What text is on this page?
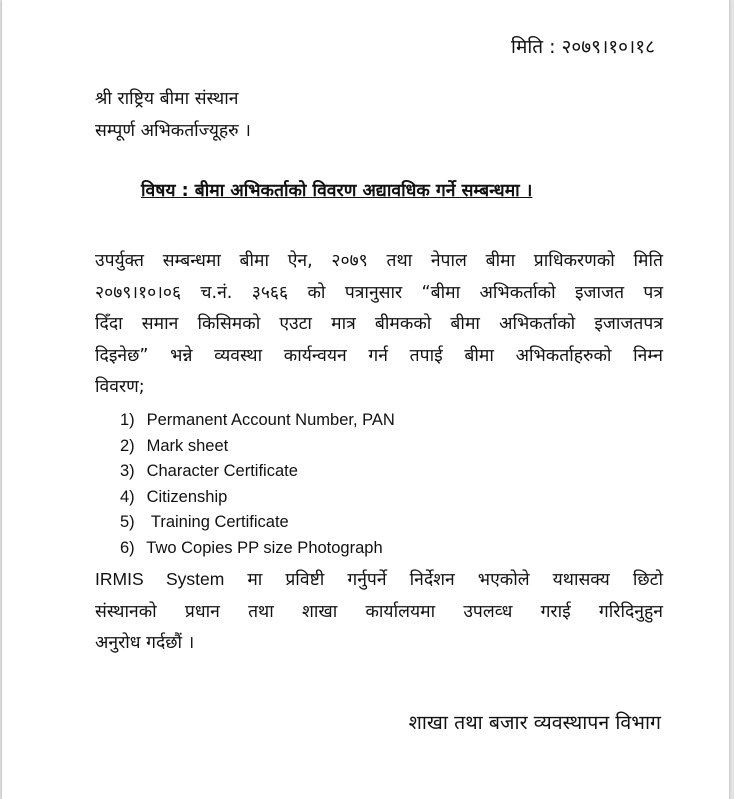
मिति : २०७९।१०।१८
श्री राष्ट्रिय बीमा संस्थान
सम्पूर्ण अभिकर्ताज्यूहरु ।
विषय : बीमा अभिकर्ताको विवरण अद्यावधिक गर्ने सम्बन्धमा ।
उपर्युक्त सम्बन्धमा बीमा ऐन, २०७९ तथा नेपाल बीमा प्राधिकरणको मिति
२०७९।१०।०६ च.नं. ३५६६ को पत्रानुसार “बीमा अभिकर्ताको इजाजत पत्र
दिँदा समान किसिमको एउटा मात्र बीमकको बीमा अभिकर्ताको इजाजतपत्र
दिइनेछ” भन्ने व्यवस्था कार्यन्वयन गर्न तपाई बीमा अभिकर्ताहरुको निम्न
विवरण;
1) Permanent Account Number, PAN
2) Mark sheet
3) Character Certificate
4) Citizenship
5)  Training Certificate
6) Two Copies PP size Photograph
IRMIS System मा प्रविष्टी गर्नुपर्ने निर्देशन भएकोले यथासक्य छिटो
संस्थानको प्रधान तथा शाखा कार्यालयमा उपलव्ध गराई गरिदिनुहुन
अनुरोध गर्दछौं ।
शाखा तथा बजार व्यवस्थापन विभाग
